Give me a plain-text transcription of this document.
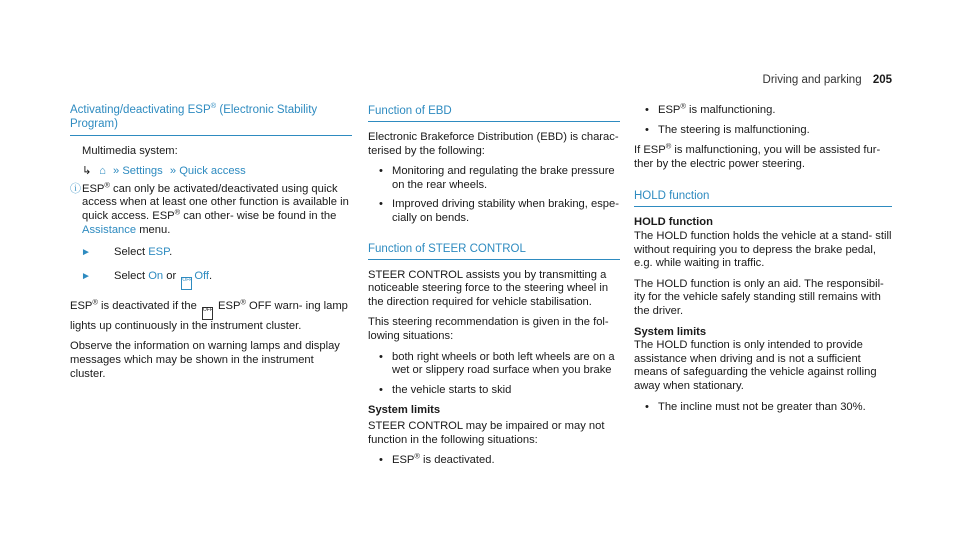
Driving and parking 205
Activating/deactivating ESP® (Electronic Stability Program)

Multimedia system:

↳ ⌂ » Settings » Quick access
ⓘ ESP® can only be activated/deactivated using quick access when at least one other function is available in quick access. ESP® can other- wise be found in the Assistance menu.
► Select ESP.
► Select On or OFF Off.

ESP® is deactivated if the OFF ESP® OFF warn- ing lamp lights up continuously in the instrument cluster.

Observe the information on warning lamps and display messages which may be shown in the instrument cluster.

Function of EBD

Electronic Brakeforce Distribution (EBD) is charac- terised by the following:

• Monitoring and regulating the brake pressure on the rear wheels.
• Improved driving stability when braking, espe- cially on bends.
Function of STEER CONTROL

STEER CONTROL assists you by transmitting a noticeable steering force to the steering wheel in the direction required for vehicle stabilisation.

This steering recommendation is given in the fol- lowing situations:

• both right wheels or both left wheels are on a wet or slippery road surface when you brake
• the vehicle starts to skid

System limits

STEER CONTROL may be impaired or may not function in the following situations:

• ESP® is deactivated.
• ESP® is malfunctioning.
• The steering is malfunctioning.

If ESP® is malfunctioning, you will be assisted fur- ther by the electric power steering.

HOLD function

HOLD function

The HOLD function holds the vehicle at a stand- still without requiring you to depress the brake pedal, e.g. while waiting in traffic.

The HOLD function is only an aid. The responsibil- ity for the vehicle safely standing still remains with the driver.

System limits

The HOLD function is only intended to provide assistance when driving and is not a sufficient means of safeguarding the vehicle against rolling away when stationary.

• The incline must not be greater than 30%.
